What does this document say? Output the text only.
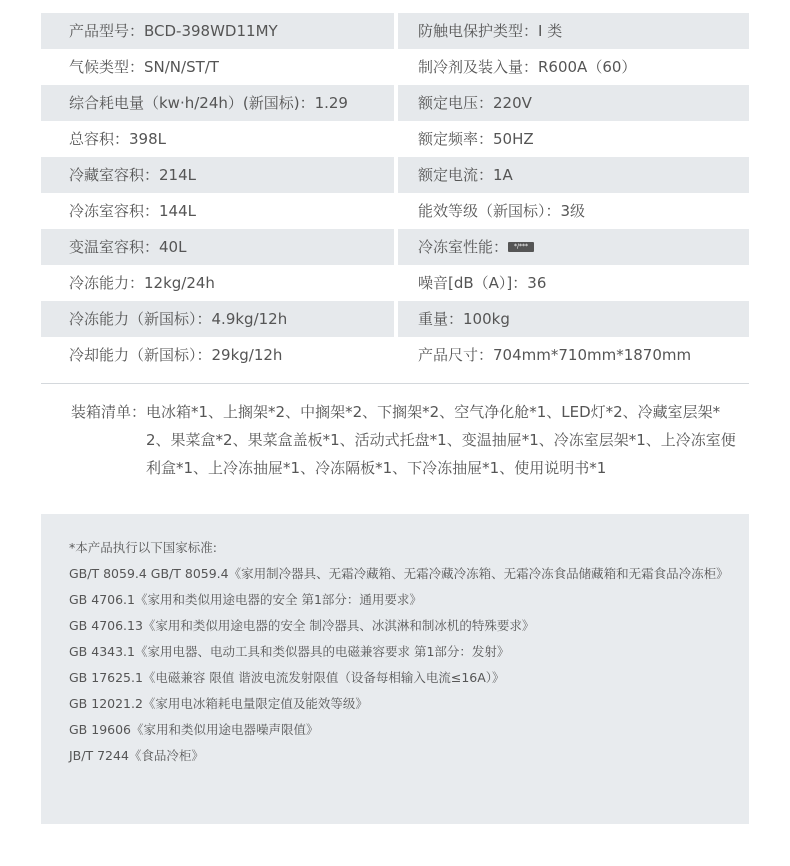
产品型号：BCD-398WD11MY	防触电保护类型：I 类
气候类型：SN/N/ST/T	制冷剂及装入量：R600A（60）
综合耗电量（kw·h/24h）(新国标)：1.29	额定电压：220V
总容积：398L	额定频率：50HZ
冷藏室容积：214L	额定电流：1A
冷冻室容积：144L	能效等级（新国标）：3级
变温室容积：40L	冷冻室性能： */***
冷冻能力：12kg/24h	噪音[dB（A）]：36
冷冻能力（新国标）：4.9kg/12h	重量：100kg
冷却能力（新国标）：29kg/12h	产品尺寸：704mm*710mm*1870mm
装箱清单： 电冰箱*1、上搁架*2、中搁架*2、下搁架*2、空气净化舱*1、LED灯*2、冷藏室层架*2、果菜盒*2、果菜盒盖板*1、活动式托盘*1、变温抽屉*1、冷冻室层架*1、上冷冻室便利盒*1、上冷冻抽屉*1、冷冻隔板*1、下冷冻抽屉*1、使用说明书*1
*本产品执行以下国家标准:
GB/T 8059.4 GB/T 8059.4《家用制冷器具、无霜冷藏箱、无霜冷藏冷冻箱、无霜冷冻食品储藏箱和无霜食品冷冻柜》
GB 4706.1《家用和类似用途电器的安全 第1部分：通用要求》
GB 4706.13《家用和类似用途电器的安全 制冷器具、冰淇淋和制冰机的特殊要求》
GB 4343.1《家用电器、电动工具和类似器具的电磁兼容要求 第1部分：发射》
GB 17625.1《电磁兼容 限值 谐波电流发射限值（设备每相输入电流≤16A）》
GB 12021.2《家用电冰箱耗电量限定值及能效等级》
GB 19606《家用和类似用途电器噪声限值》
JB/T 7244《食品冷柜》
